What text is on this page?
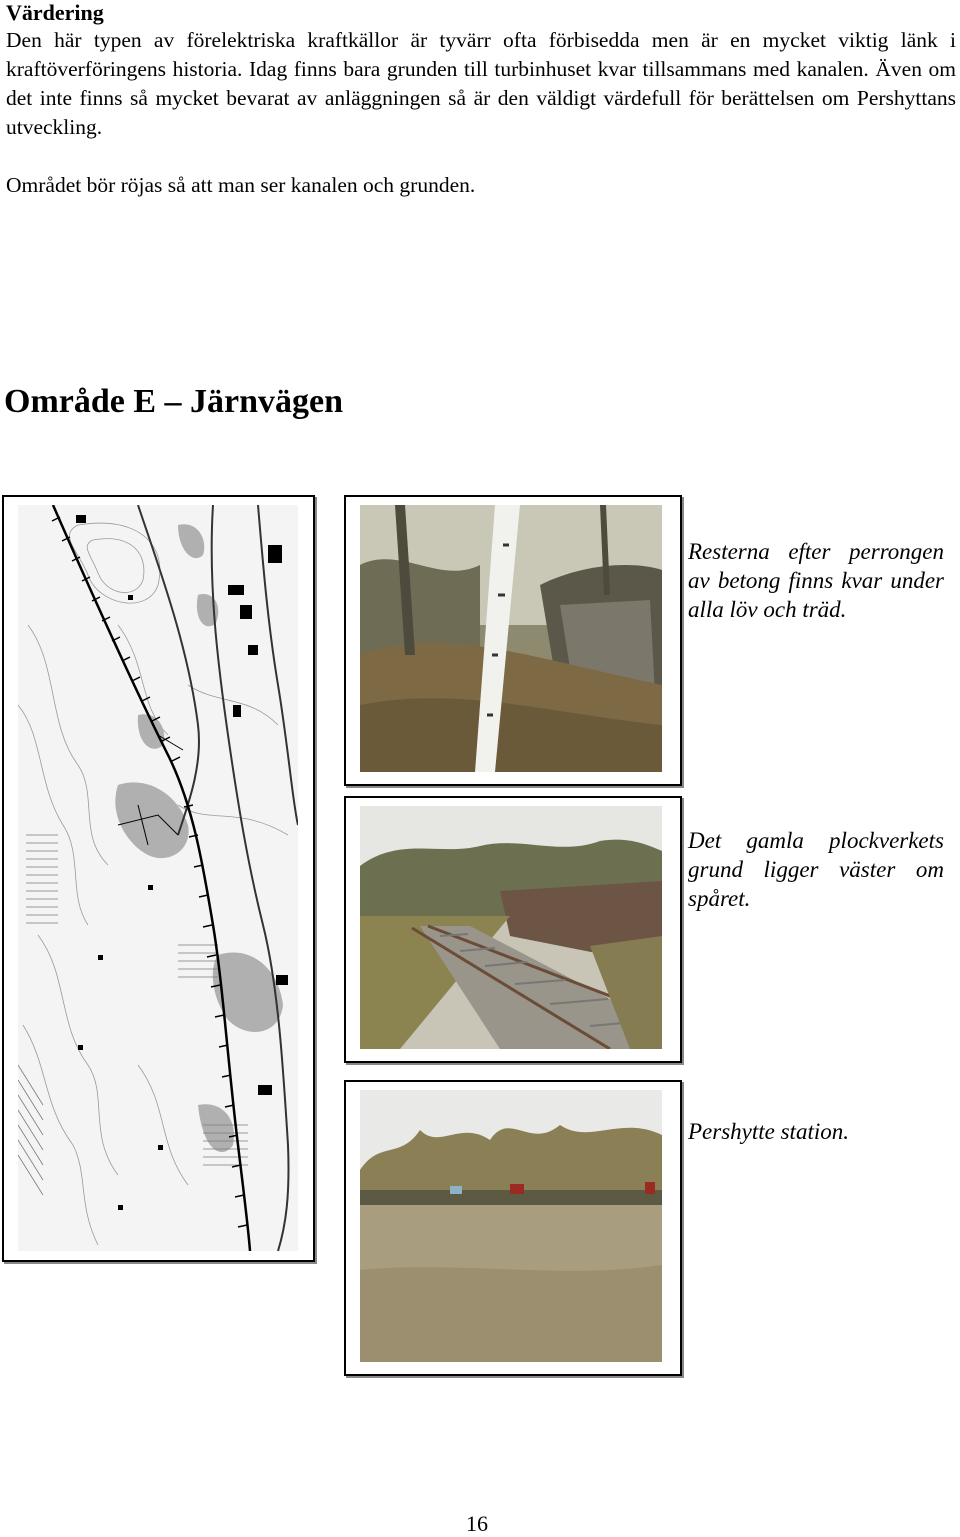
Värdering
Den här typen av förelektriska kraftkällor är tyvärr ofta förbisedda men är en mycket viktig länk i kraftöverföringens historia. Idag finns bara grunden till turbinhuset kvar tillsammans med kanalen. Även om det inte finns så mycket bevarat av anläggningen så är den väldigt värdefull för berättelsen om Pershyttans utveckling.
Området bör röjas så att man ser kanalen och grunden.
Område E – Järnvägen
Resterna efter perrongen av betong finns kvar under alla löv och träd.
Det gamla plockverkets grund ligger väster om spåret.
Pershytte station.
16
